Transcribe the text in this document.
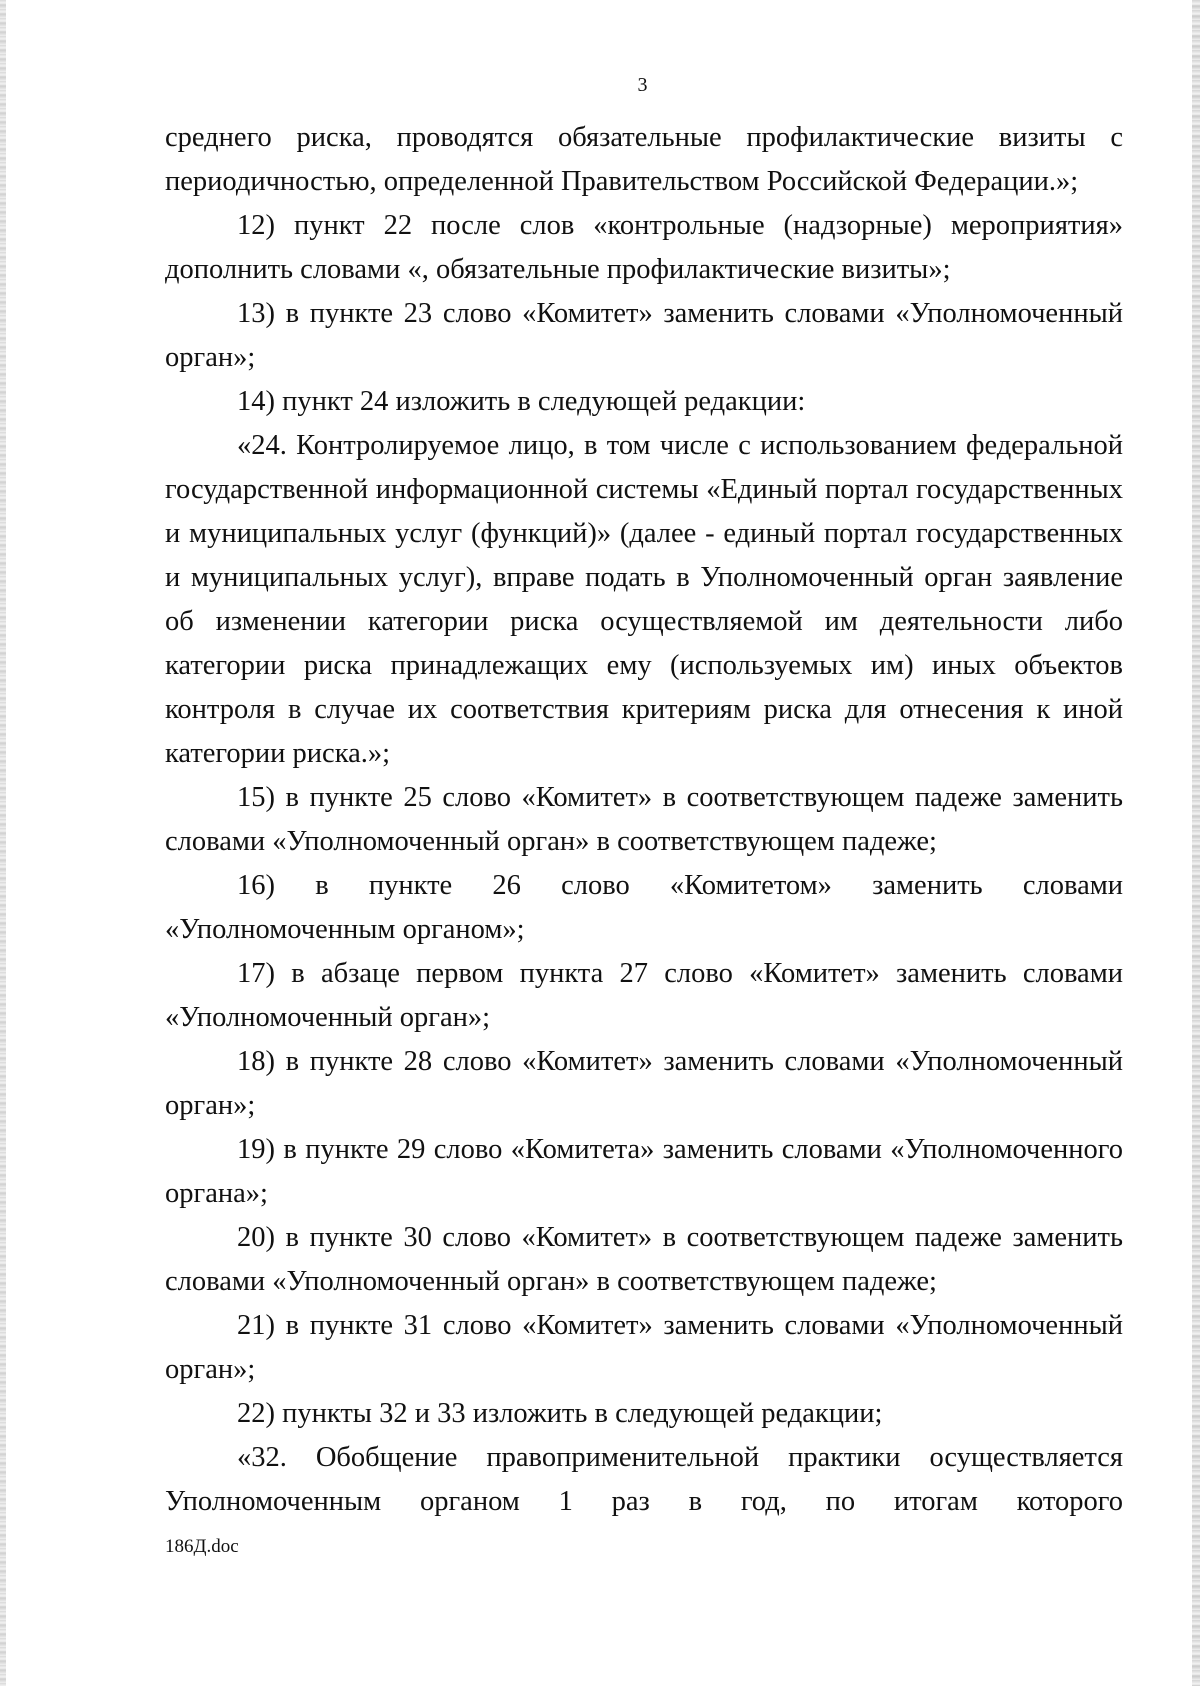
3

среднего риска, проводятся обязательные профилактические визиты с периодичностью, определенной Правительством Российской Федерации.»;

12) пункт 22 после слов «контрольные (надзорные) мероприятия» дополнить словами «, обязательные профилактические визиты»;

13) в пункте 23 слово «Комитет» заменить словами «Уполномоченный орган»;

14) пункт 24 изложить в следующей редакции:

«24. Контролируемое лицо, в том числе с использованием федеральной государственной информационной системы «Единый портал государственных и муниципальных услуг (функций)» (далее - единый портал государственных и муниципальных услуг), вправе подать в Уполномоченный орган заявление об изменении категории риска осуществляемой им деятельности либо категории риска принадлежащих ему (используемых им) иных объектов контроля в случае их соответствия критериям риска для отнесения к иной категории риска.»;

15) в пункте 25 слово «Комитет» в соответствующем падеже заменить словами «Уполномоченный орган» в соответствующем падеже;

16) в пункте 26 слово «Комитетом» заменить словами «Уполномоченным органом»;

17) в абзаце первом пункта 27 слово «Комитет» заменить словами «Уполномоченный орган»;

18) в пункте 28 слово «Комитет» заменить словами «Уполномоченный орган»;

19) в пункте 29 слово «Комитета» заменить словами «Уполномоченного органа»;

20) в пункте 30 слово «Комитет» в соответствующем падеже заменить словами «Уполномоченный орган» в соответствующем падеже;

21) в пункте 31 слово «Комитет» заменить словами «Уполномоченный орган»;

22) пункты 32 и 33 изложить в следующей редакции;

«32. Обобщение правоприменительной практики осуществляется Уполномоченным органом 1 раз в год, по итогам которого

186Д.doc
